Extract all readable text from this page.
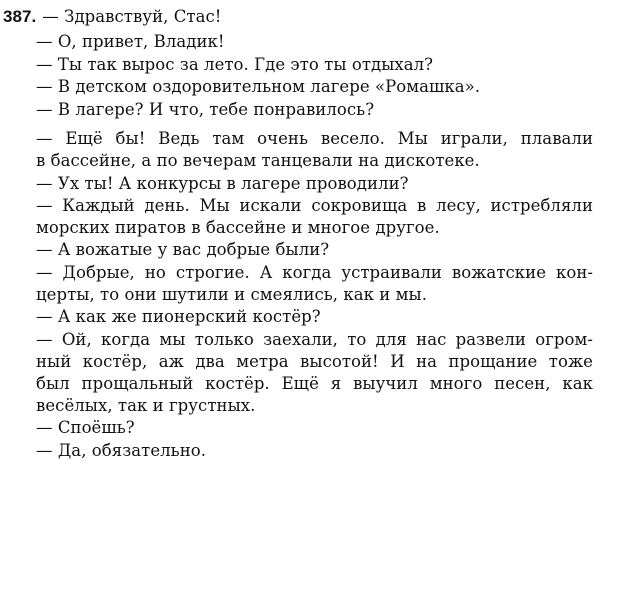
387. — Здравствуй, Стас!
— О, привет, Владик!
— Ты так вырос за лето. Где это ты отдыхал?
— В детском оздоровительном лагере «Ромашка».
— В лагере? И что, тебе понравилось?
— Ещё бы! Ведь там очень весело. Мы играли, плавали
в бассейне, а по вечерам танцевали на дискотеке.
— Ух ты! А конкурсы в лагере проводили?
— Каждый день. Мы искали сокровища в лесу, истребляли
морских пиратов в бассейне и многое другое.
— А вожатые у вас добрые были?
— Добрые, но строгие. А когда устраивали вожатские кон-
церты, то они шутили и смеялись, как и мы.
— А как же пионерский костёр?
— Ой, когда мы только заехали, то для нас развели огром-
ный костёр, аж два метра высотой! И на прощание тоже
был прощальный костёр. Ещё я выучил много песен, как
весёлых, так и грустных.
— Споёшь?
— Да, обязательно.
